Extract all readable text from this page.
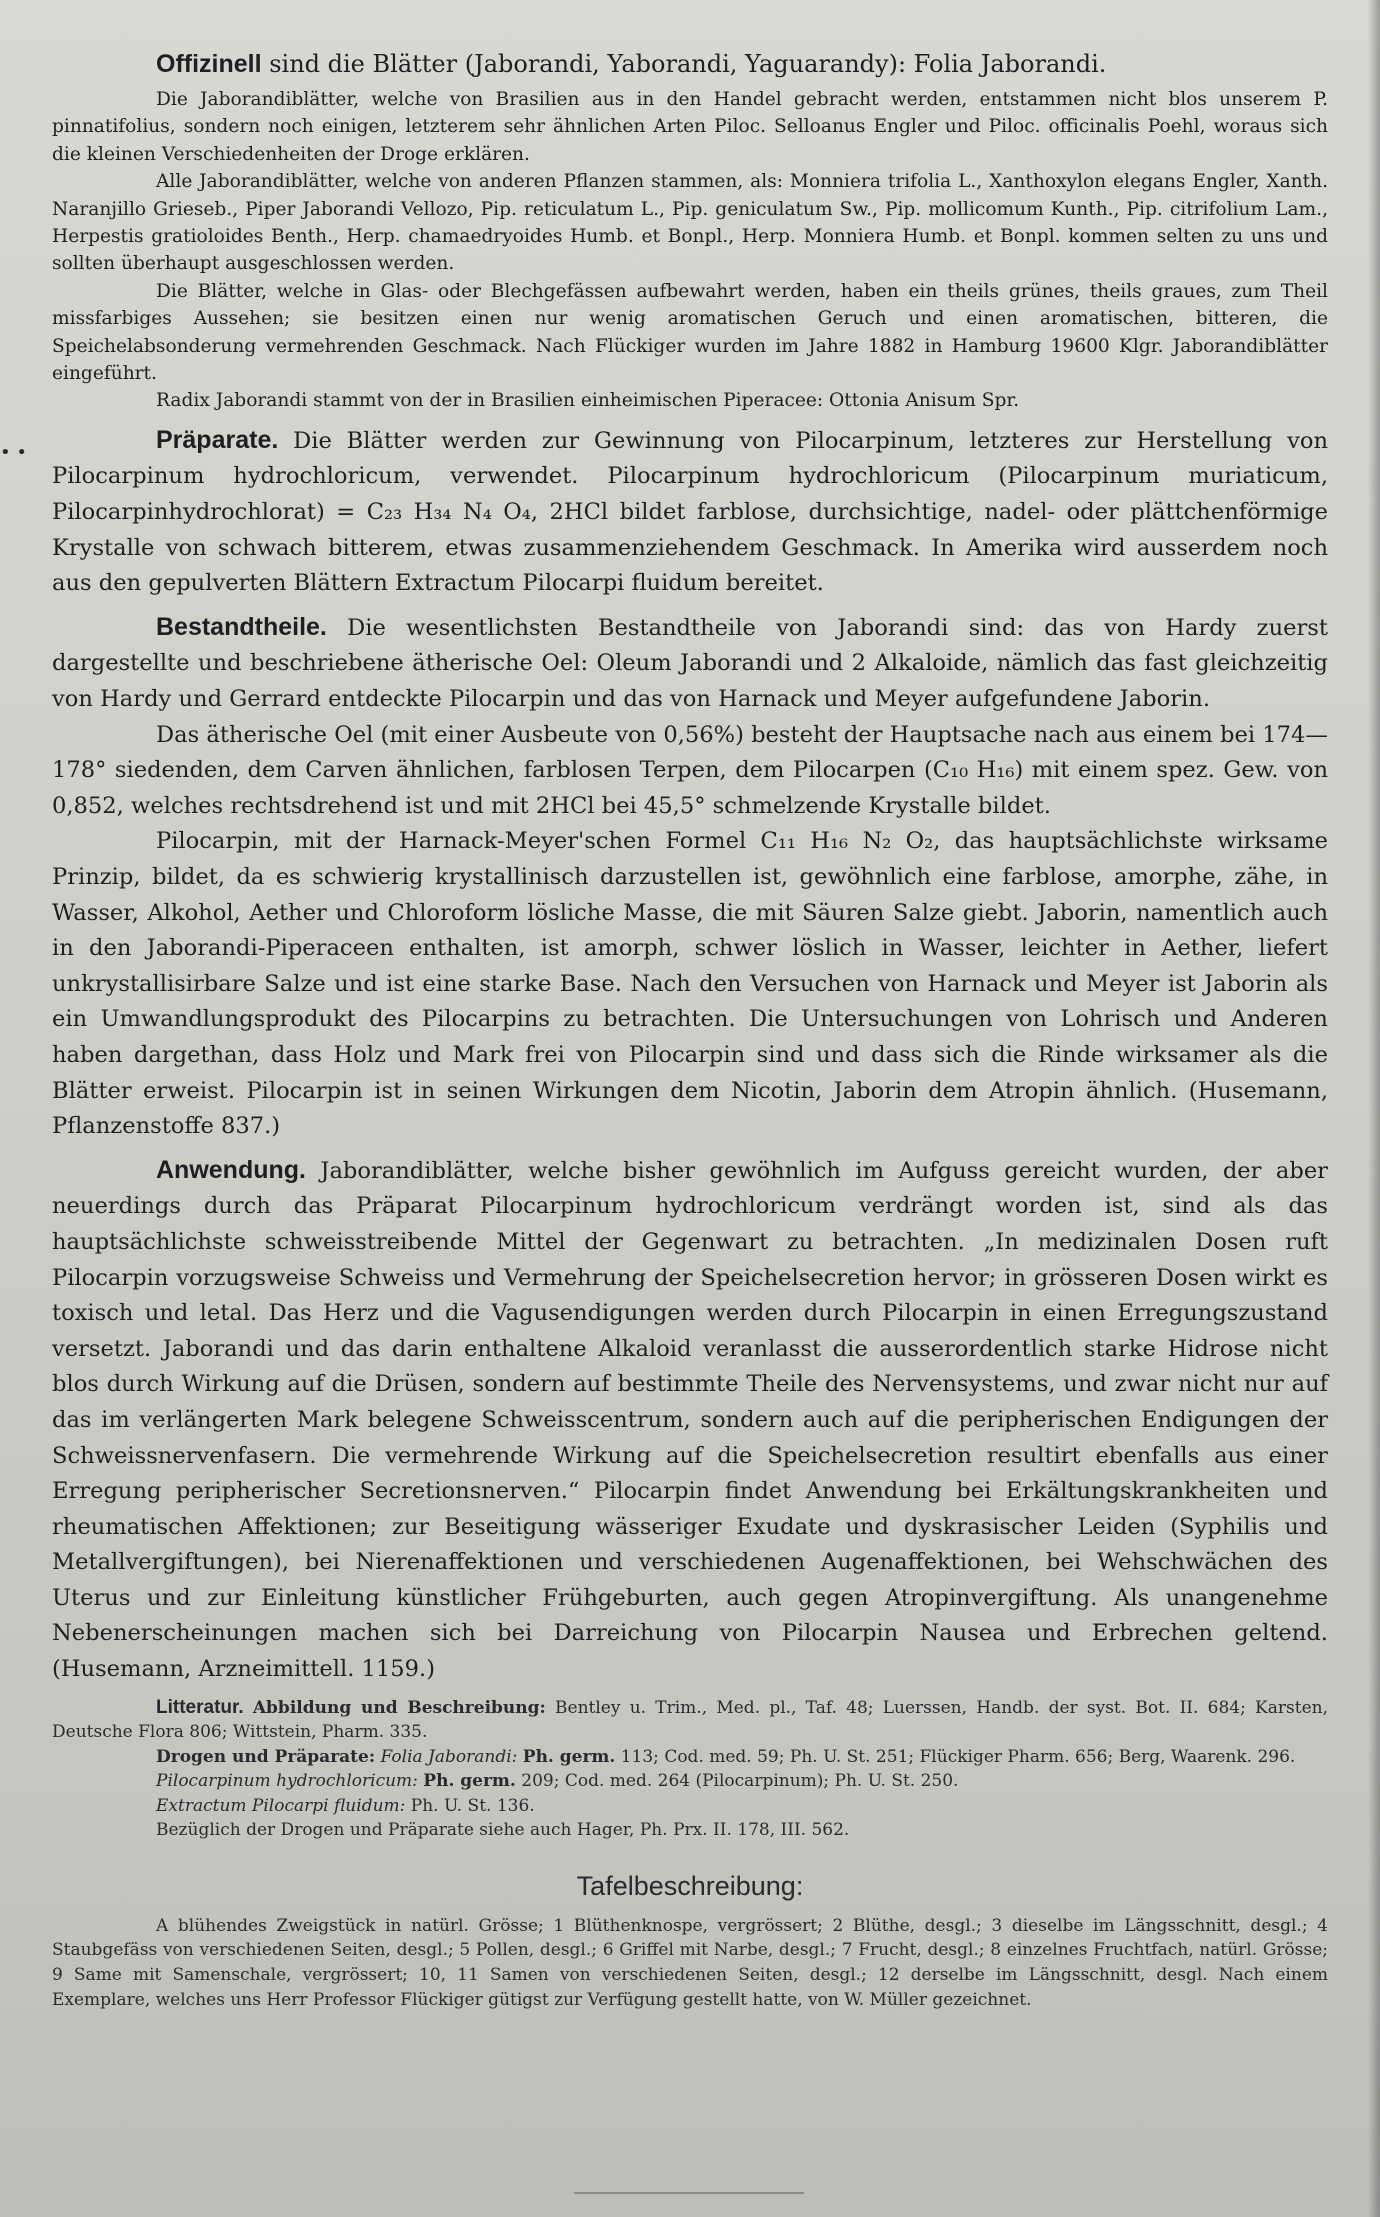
Offizinell sind die Blätter (Jaborandi, Yaborandi, Yaguarandy): Folia Jaborandi.

Die Jaborandiblätter, welche von Brasilien aus in den Handel gebracht werden, entstammen nicht blos unserem P. pinnatifolius, sondern noch einigen, letzterem sehr ähnlichen Arten Piloc. Selloanus Engler und Piloc. officinalis Poehl, woraus sich die kleinen Verschiedenheiten der Droge erklären.

Alle Jaborandiblätter, welche von anderen Pflanzen stammen, als: Monniera trifolia L., Xanthoxylon elegans Engler, Xanth. Naranjillo Grieseb., Piper Jaborandi Vellozo, Pip. reticulatum L., Pip. geniculatum Sw., Pip. mollicomum Kunth., Pip. citrifolium Lam., Herpestis gratioloides Benth., Herp. chamaedryoides Humb. et Bonpl., Herp. Monniera Humb. et Bonpl. kommen selten zu uns und sollten überhaupt ausgeschlossen werden.

Die Blätter, welche in Glas- oder Blechgefässen aufbewahrt werden, haben ein theils grünes, theils graues, zum Theil missfarbiges Aussehen; sie besitzen einen nur wenig aromatischen Geruch und einen aromatischen, bitteren, die Speichelabsonderung vermehrenden Geschmack. Nach Flückiger wurden im Jahre 1882 in Hamburg 19600 Klgr. Jaborandiblätter eingeführt.

Radix Jaborandi stammt von der in Brasilien einheimischen Piperacee: Ottonia Anisum Spr.

Präparate. Die Blätter werden zur Gewinnung von Pilocarpinum, letzteres zur Herstellung von Pilocarpinum hydrochloricum, verwendet. Pilocarpinum hydrochloricum (Pilocarpinum muriaticum, Pilocarpinhydrochlorat) = C₂₃ H₃₄ N₄ O₄, 2HCl bildet farblose, durchsichtige, nadel- oder plättchenförmige Krystalle von schwach bitterem, etwas zusammenziehendem Geschmack. In Amerika wird ausserdem noch aus den gepulverten Blättern Extractum Pilocarpi fluidum bereitet.

Bestandtheile. Die wesentlichsten Bestandtheile von Jaborandi sind: das von Hardy zuerst dargestellte und beschriebene ätherische Oel: Oleum Jaborandi und 2 Alkaloide, nämlich das fast gleichzeitig von Hardy und Gerrard entdeckte Pilocarpin und das von Harnack und Meyer aufgefundene Jaborin.

Das ätherische Oel (mit einer Ausbeute von 0,56%) besteht der Hauptsache nach aus einem bei 174—178° siedenden, dem Carven ähnlichen, farblosen Terpen, dem Pilocarpen (C₁₀ H₁₆) mit einem spez. Gew. von 0,852, welches rechtsdrehend ist und mit 2HCl bei 45,5° schmelzende Krystalle bildet.

Pilocarpin, mit der Harnack-Meyer'schen Formel C₁₁ H₁₆ N₂ O₂, das hauptsächlichste wirksame Prinzip, bildet, da es schwierig krystallinisch darzustellen ist, gewöhnlich eine farblose, amorphe, zähe, in Wasser, Alkohol, Aether und Chloroform lösliche Masse, die mit Säuren Salze giebt. Jaborin, namentlich auch in den Jaborandi-Piperaceen enthalten, ist amorph, schwer löslich in Wasser, leichter in Aether, liefert unkrystallisirbare Salze und ist eine starke Base. Nach den Versuchen von Harnack und Meyer ist Jaborin als ein Umwandlungsprodukt des Pilocarpins zu betrachten. Die Untersuchungen von Lohrisch und Anderen haben dargethan, dass Holz und Mark frei von Pilocarpin sind und dass sich die Rinde wirksamer als die Blätter erweist. Pilocarpin ist in seinen Wirkungen dem Nicotin, Jaborin dem Atropin ähnlich. (Husemann, Pflanzenstoffe 837.)

Anwendung. Jaborandiblätter, welche bisher gewöhnlich im Aufguss gereicht wurden, der aber neuerdings durch das Präparat Pilocarpinum hydrochloricum verdrängt worden ist, sind als das hauptsächlichste schweisstreibende Mittel der Gegenwart zu betrachten. „In medizinalen Dosen ruft Pilocarpin vorzugsweise Schweiss und Vermehrung der Speichelsecretion hervor; in grösseren Dosen wirkt es toxisch und letal. Das Herz und die Vagusendigungen werden durch Pilocarpin in einen Erregungszustand versetzt. Jaborandi und das darin enthaltene Alkaloid veranlasst die ausserordentlich starke Hidrose nicht blos durch Wirkung auf die Drüsen, sondern auf bestimmte Theile des Nervensystems, und zwar nicht nur auf das im verlängerten Mark belegene Schweisscentrum, sondern auch auf die peripherischen Endigungen der Schweissnervenfasern. Die vermehrende Wirkung auf die Speichelsecretion resultirt ebenfalls aus einer Erregung peripherischer Secretionsnerven.“ Pilocarpin findet Anwendung bei Erkältungskrankheiten und rheumatischen Affektionen; zur Beseitigung wässeriger Exudate und dyskrasischer Leiden (Syphilis und Metallvergiftungen), bei Nierenaffektionen und verschiedenen Augenaffektionen, bei Wehschwächen des Uterus und zur Einleitung künstlicher Frühgeburten, auch gegen Atropinvergiftung. Als unangenehme Nebenerscheinungen machen sich bei Darreichung von Pilocarpin Nausea und Erbrechen geltend. (Husemann, Arzneimittell. 1159.)

Litteratur. Abbildung und Beschreibung: Bentley u. Trim., Med. pl., Taf. 48; Luerssen, Handb. der syst. Bot. II. 684; Karsten, Deutsche Flora 806; Wittstein, Pharm. 335.

Drogen und Präparate: Folia Jaborandi: Ph. germ. 113; Cod. med. 59; Ph. U. St. 251; Flückiger Pharm. 656; Berg, Waarenk. 296.

Pilocarpinum hydrochloricum: Ph. germ. 209; Cod. med. 264 (Pilocarpinum); Ph. U. St. 250.

Extractum Pilocarpi fluidum: Ph. U. St. 136.

Bezüglich der Drogen und Präparate siehe auch Hager, Ph. Prx. II. 178, III. 562.

Tafelbeschreibung:

A blühendes Zweigstück in natürl. Grösse; 1 Blüthenknospe, vergrössert; 2 Blüthe, desgl.; 3 dieselbe im Längsschnitt, desgl.; 4 Staubgefäss von verschiedenen Seiten, desgl.; 5 Pollen, desgl.; 6 Griffel mit Narbe, desgl.; 7 Frucht, desgl.; 8 einzelnes Fruchtfach, natürl. Grösse; 9 Same mit Samenschale, vergrössert; 10, 11 Samen von verschiedenen Seiten, desgl.; 12 derselbe im Längsschnitt, desgl. Nach einem Exemplare, welches uns Herr Professor Flückiger gütigst zur Verfügung gestellt hatte, von W. Müller gezeichnet.

• •
